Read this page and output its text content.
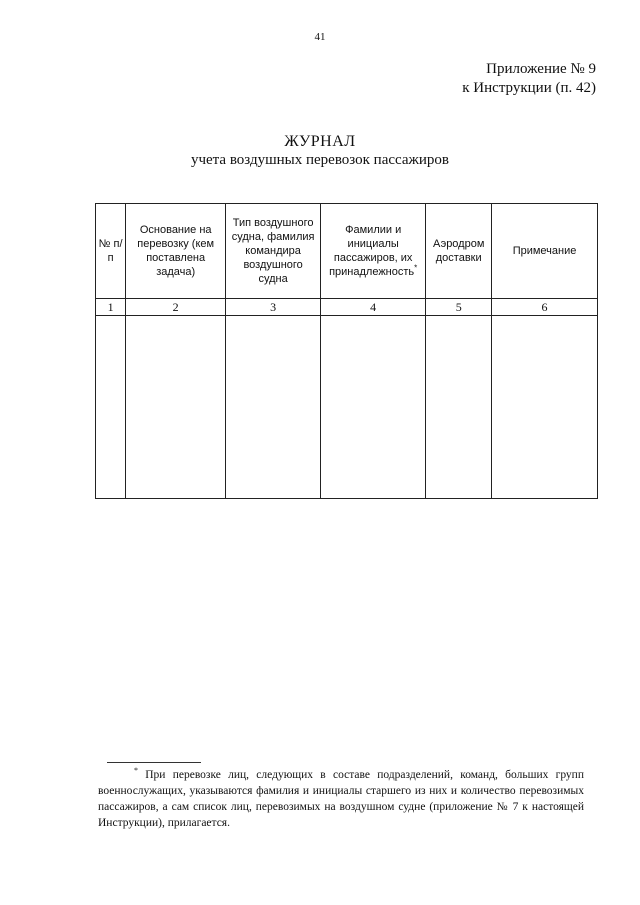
41
Приложение № 9
к Инструкции (п. 42)
ЖУРНАЛ
учета воздушных перевозок пассажиров
№ п/п	Основание на перевозку (кем поставлена задача)	Тип воздушного судна, фамилия командира воздушного судна	Фамилии и инициалы пассажиров, их принадлежность*	Аэродром доставки	Примечание
1	2	3	4	5	6

* При перевозке лиц, следующих в составе подразделений, команд, больших групп военнослужащих, указываются фамилия и инициалы старшего из них и количество перевозимых пассажиров, а сам список лиц, перевозимых на воздушном судне (приложение № 7 к настоящей Инструкции), прилагается.
